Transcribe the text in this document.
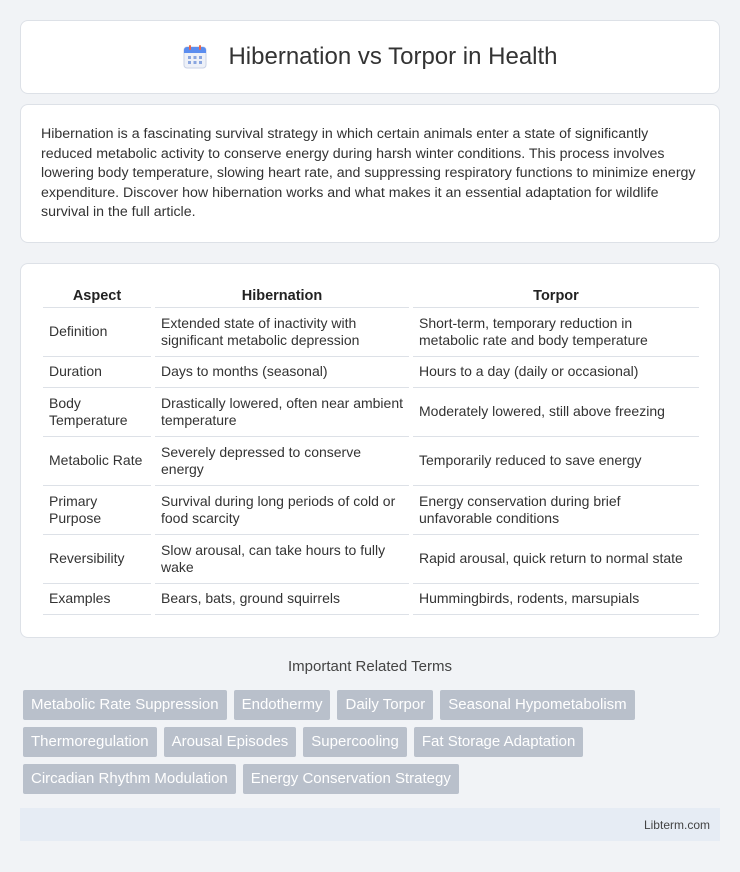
Hibernation vs Torpor in Health

Hibernation is a fascinating survival strategy in which certain animals enter a state of significantly reduced metabolic activity to conserve energy during harsh winter conditions. This process involves lowering body temperature, slowing heart rate, and suppressing respiratory functions to minimize energy expenditure. Discover how hibernation works and what makes it an essential adaptation for wildlife survival in the full article.

Aspect		Hibernation		Torpor
Definition		Extended state of inactivity with significant metabolic depression		Short-term, temporary reduction in metabolic rate and body temperature
Duration		Days to months (seasonal)		Hours to a day (daily or occasional)
Body Temperature		Drastically lowered, often near ambient temperature		Moderately lowered, still above freezing
Metabolic Rate		Severely depressed to conserve energy		Temporarily reduced to save energy
Primary Purpose		Survival during long periods of cold or food scarcity		Energy conservation during brief unfavorable conditions
Reversibility		Slow arousal, can take hours to fully wake		Rapid arousal, quick return to normal state
Examples		Bears, bats, ground squirrels		Hummingbirds, rodents, marsupials
Important Related Terms
Metabolic Rate Suppression	Endothermy	Daily Torpor	Seasonal Hypometabolism
Thermoregulation	Arousal Episodes	Supercooling	Fat Storage Adaptation
Circadian Rhythm Modulation	Energy Conservation Strategy
Libterm.com
